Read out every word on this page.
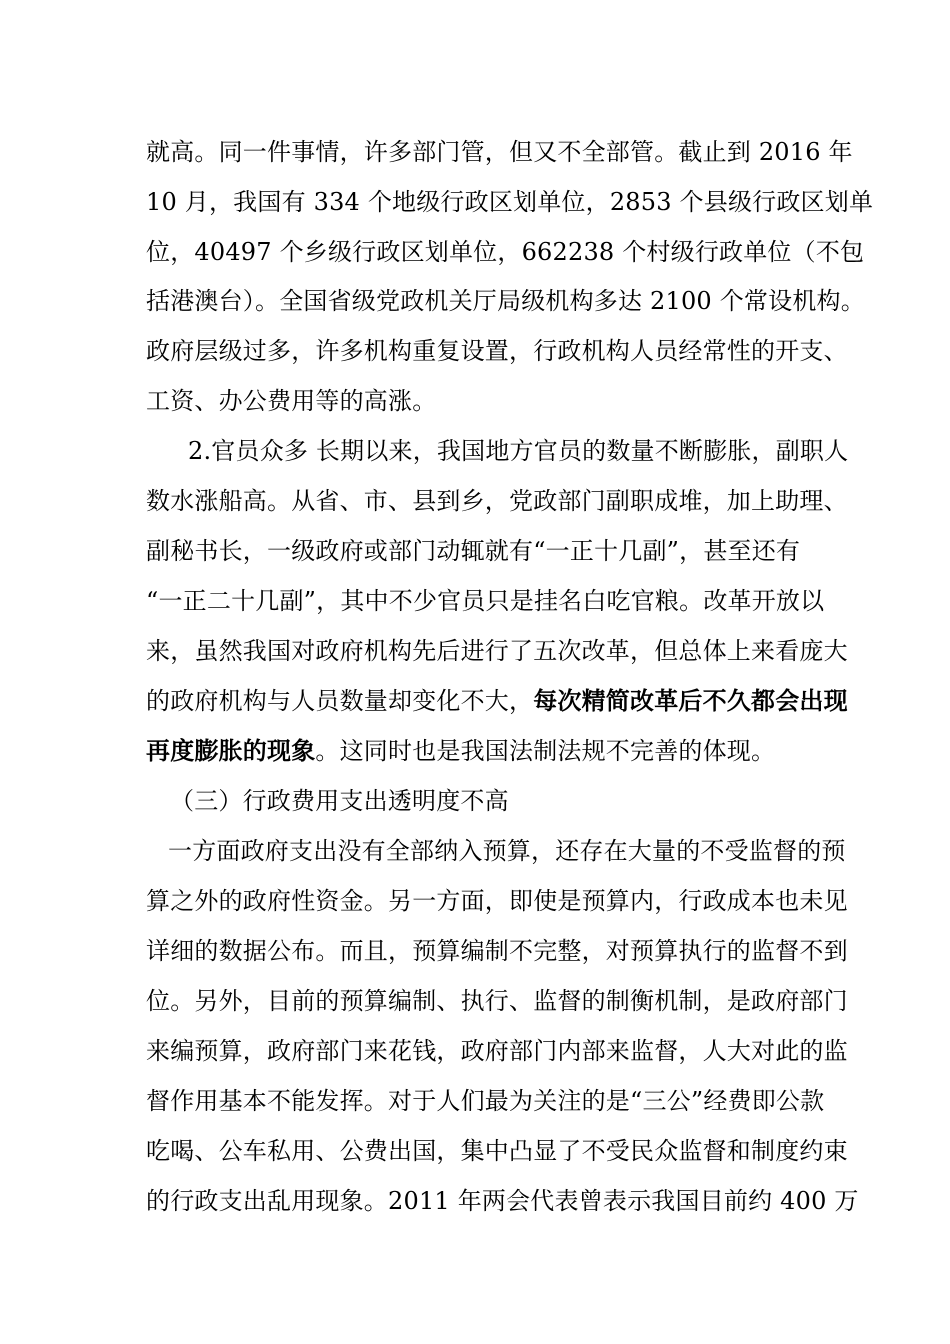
就高。同一件事情，许多部门管，但又不全部管。截止到 2016 年
10 月，我国有 334 个地级行政区划单位，2853 个县级行政区划单
位，40497 个乡级行政区划单位，662238 个村级行政单位（不包
括港澳台）。全国省级党政机关厅局级机构多达 2100 个常设机构。
政府层级过多，许多机构重复设置，行政机构人员经常性的开支、
工资、办公费用等的高涨。
2.官员众多 长期以来，我国地方官员的数量不断膨胀，副职人
数水涨船高。从省、市、县到乡，党政部门副职成堆，加上助理、
副秘书长，一级政府或部门动辄就有“一正十几副”，甚至还有
“一正二十几副”，其中不少官员只是挂名白吃官粮。改革开放以
来，虽然我国对政府机构先后进行了五次改革，但总体上来看庞大
的政府机构与人员数量却变化不大，每次精简改革后不久都会出现
再度膨胀的现象。这同时也是我国法制法规不完善的体现。
（三）行政费用支出透明度不高
一方面政府支出没有全部纳入预算，还存在大量的不受监督的预
算之外的政府性资金。另一方面，即使是预算内，行政成本也未见
详细的数据公布。而且，预算编制不完整，对预算执行的监督不到
位。另外，目前的预算编制、执行、监督的制衡机制，是政府部门
来编预算，政府部门来花钱，政府部门内部来监督，人大对此的监
督作用基本不能发挥。对于人们最为关注的是“三公”经费即公款
吃喝、公车私用、公费出国，集中凸显了不受民众监督和制度约束
的行政支出乱用现象。2011 年两会代表曾表示我国目前约 400 万
